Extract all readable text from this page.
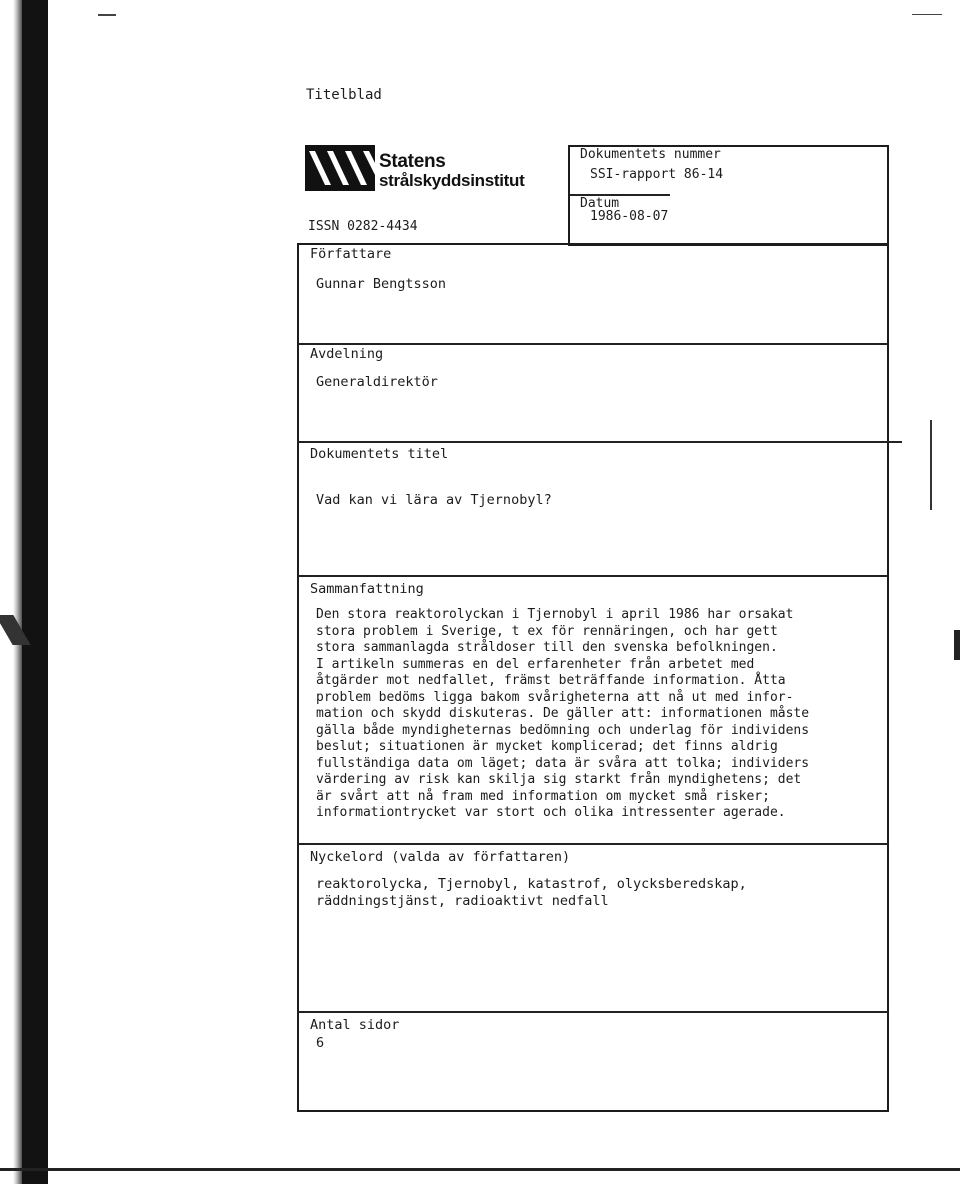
Titelblad
Statens
strålskyddsinstitut
ISSN 0282-4434
Dokumentets nummer
SSI-rapport 86-14
Datum
1986-08-07
Författare
Gunnar Bengtsson
Avdelning
Generaldirektör
Dokumentets titel
Vad kan vi lära av Tjernobyl?
Sammanfattning
Den stora reaktorolyckan i Tjernobyl i april 1986 har orsakat
stora problem i Sverige, t ex för rennäringen, och har gett
stora sammanlagda stråldoser till den svenska befolkningen.
I artikeln summeras en del erfarenheter från arbetet med
åtgärder mot nedfallet, främst beträffande information. Åtta
problem bedöms ligga bakom svårigheterna att nå ut med infor-
mation och skydd diskuteras. De gäller att: informationen måste
gälla både myndigheternas bedömning och underlag för individens
beslut; situationen är mycket komplicerad; det finns aldrig
fullständiga data om läget; data är svåra att tolka; individers
värdering av risk kan skilja sig starkt från myndighetens; det
är svårt att nå fram med information om mycket små risker;
informationtrycket var stort och olika intressenter agerade.
Nyckelord (valda av författaren)
reaktorolycka, Tjernobyl, katastrof, olycksberedskap,
räddningstjänst, radioaktivt nedfall
Antal sidor
6
